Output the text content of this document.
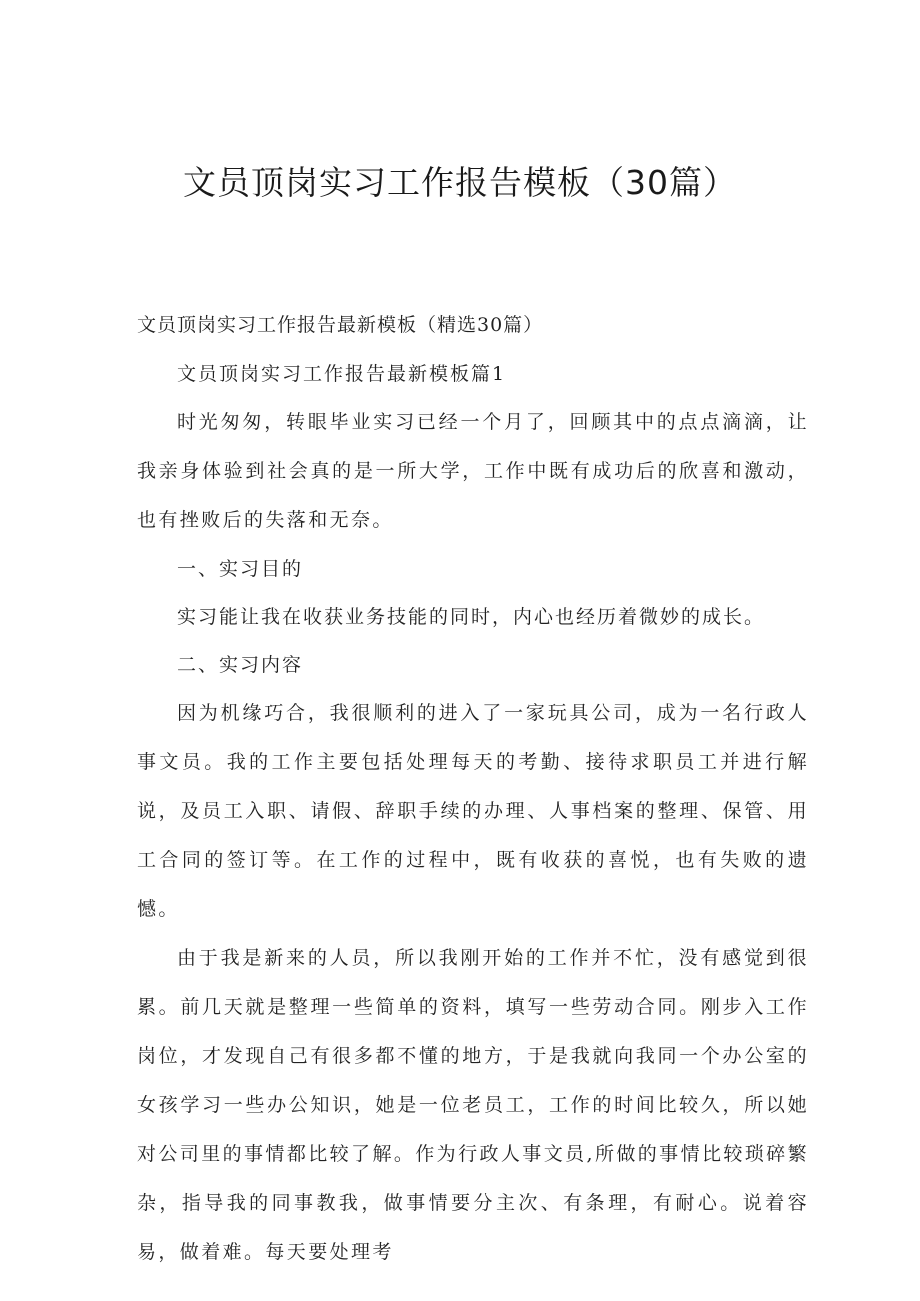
文员顶岗实习工作报告模板（30篇）

文员顶岗实习工作报告最新模板（精选30篇）

文员顶岗实习工作报告最新模板篇1

时光匆匆，转眼毕业实习已经一个月了，回顾其中的点点滴滴，让我亲身体验到社会真的是一所大学，工作中既有成功后的欣喜和激动，也有挫败后的失落和无奈。

一、实习目的

实习能让我在收获业务技能的同时，内心也经历着微妙的成长。

二、实习内容

因为机缘巧合，我很顺利的进入了一家玩具公司，成为一名行政人事文员。我的工作主要包括处理每天的考勤、接待求职员工并进行解说，及员工入职、请假、辞职手续的办理、人事档案的整理、保管、用工合同的签订等。在工作的过程中，既有收获的喜悦，也有失败的遗憾。

由于我是新来的人员，所以我刚开始的工作并不忙，没有感觉到很累。前几天就是整理一些简单的资料，填写一些劳动合同。刚步入工作岗位，才发现自己有很多都不懂的地方，于是我就向我同一个办公室的女孩学习一些办公知识，她是一位老员工，工作的时间比较久，所以她对公司里的事情都比较了解。作为行政人事文员,所做的事情比较琐碎繁杂，指导我的同事教我，做事情要分主次、有条理，有耐心。说着容易，做着难。每天要处理考
